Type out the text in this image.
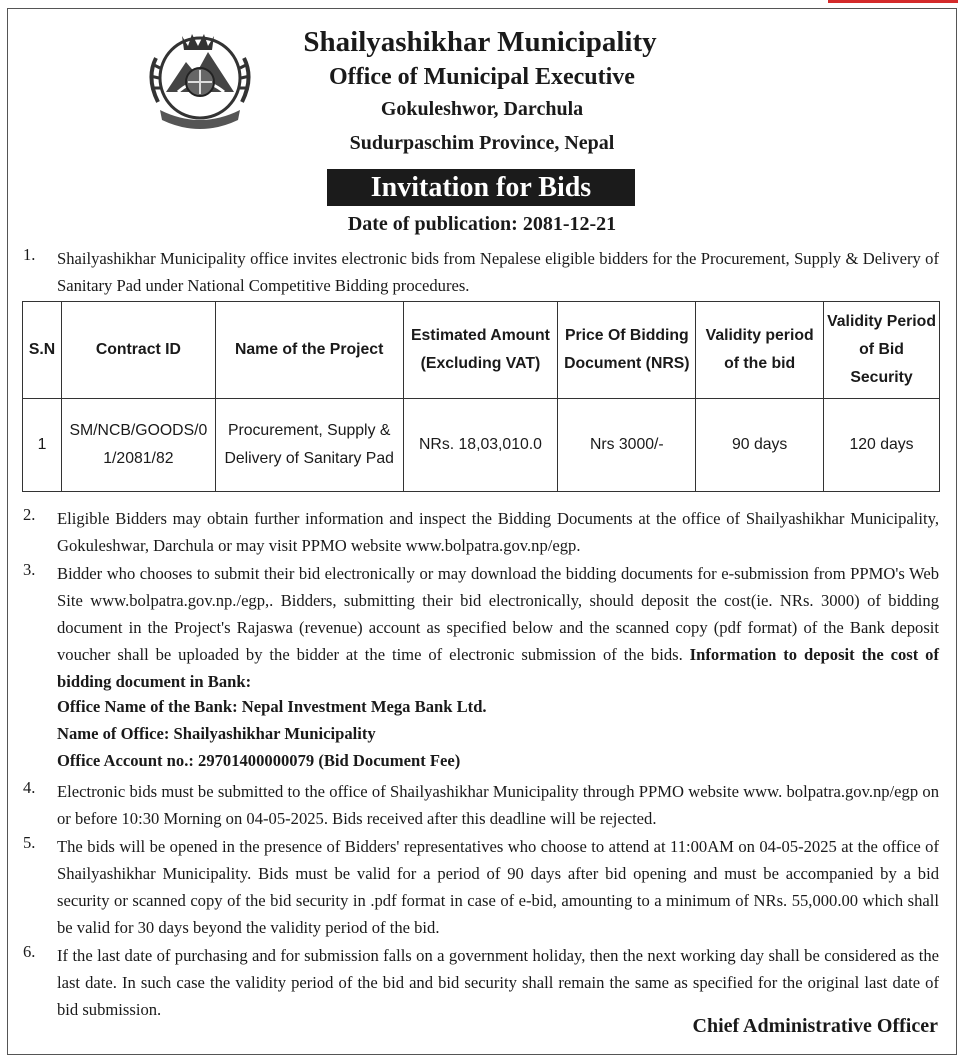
Shailyashikhar Municipality
Office of Municipal Executive
Gokuleshwor, Darchula
Sudurpaschim Province, Nepal
Invitation for Bids
Date of publication: 2081-12-21
1. Shailyashikhar Municipality office invites electronic bids from Nepalese eligible bidders for the Procurement, Supply & Delivery of Sanitary Pad under National Competitive Bidding procedures.
S.N	Contract ID	Name of the Project	Estimated Amount (Excluding VAT)	Price Of Bidding Document (NRS)	Validity period of the bid	Validity Period of Bid Security
1	SM/NCB/GOODS/01/2081/82	Procurement, Supply & Delivery of Sanitary Pad	NRs. 18,03,010.0	Nrs 3000/-	90 days	120 days
2. Eligible Bidders may obtain further information and inspect the Bidding Documents at the office of Shailyashikhar Municipality, Gokuleshwar, Darchula or may visit PPMO website www.bolpatra.gov.np/egp.
3. Bidder who chooses to submit their bid electronically or may download the bidding documents for e-submission from PPMO's Web Site www.bolpatra.gov.np./egp,. Bidders, submitting their bid electronically, should deposit the cost(ie. NRs. 3000) of bidding document in the Project's Rajaswa (revenue) account as specified below and the scanned copy (pdf format) of the Bank deposit voucher shall be uploaded by the bidder at the time of electronic submission of the bids. Information to deposit the cost of bidding document in Bank:
Office Name of the Bank: Nepal Investment Mega Bank Ltd.
Name of Office: Shailyashikhar Municipality
Office Account no.: 29701400000079 (Bid Document Fee)
4. Electronic bids must be submitted to the office of Shailyashikhar Municipality through PPMO website www. bolpatra.gov.np/egp on or before 10:30 Morning on 04-05-2025. Bids received after this deadline will be rejected.
5. The bids will be opened in the presence of Bidders' representatives who choose to attend at 11:00AM on 04-05-2025 at the office of Shailyashikhar Municipality. Bids must be valid for a period of 90 days after bid opening and must be accompanied by a bid security or scanned copy of the bid security in .pdf format in case of e-bid, amounting to a minimum of NRs. 55,000.00 which shall be valid for 30 days beyond the validity period of the bid.
6. If the last date of purchasing and for submission falls on a government holiday, then the next working day shall be considered as the last date. In such case the validity period of the bid and bid security shall remain the same as specified for the original last date of bid submission.
Chief Administrative Officer
